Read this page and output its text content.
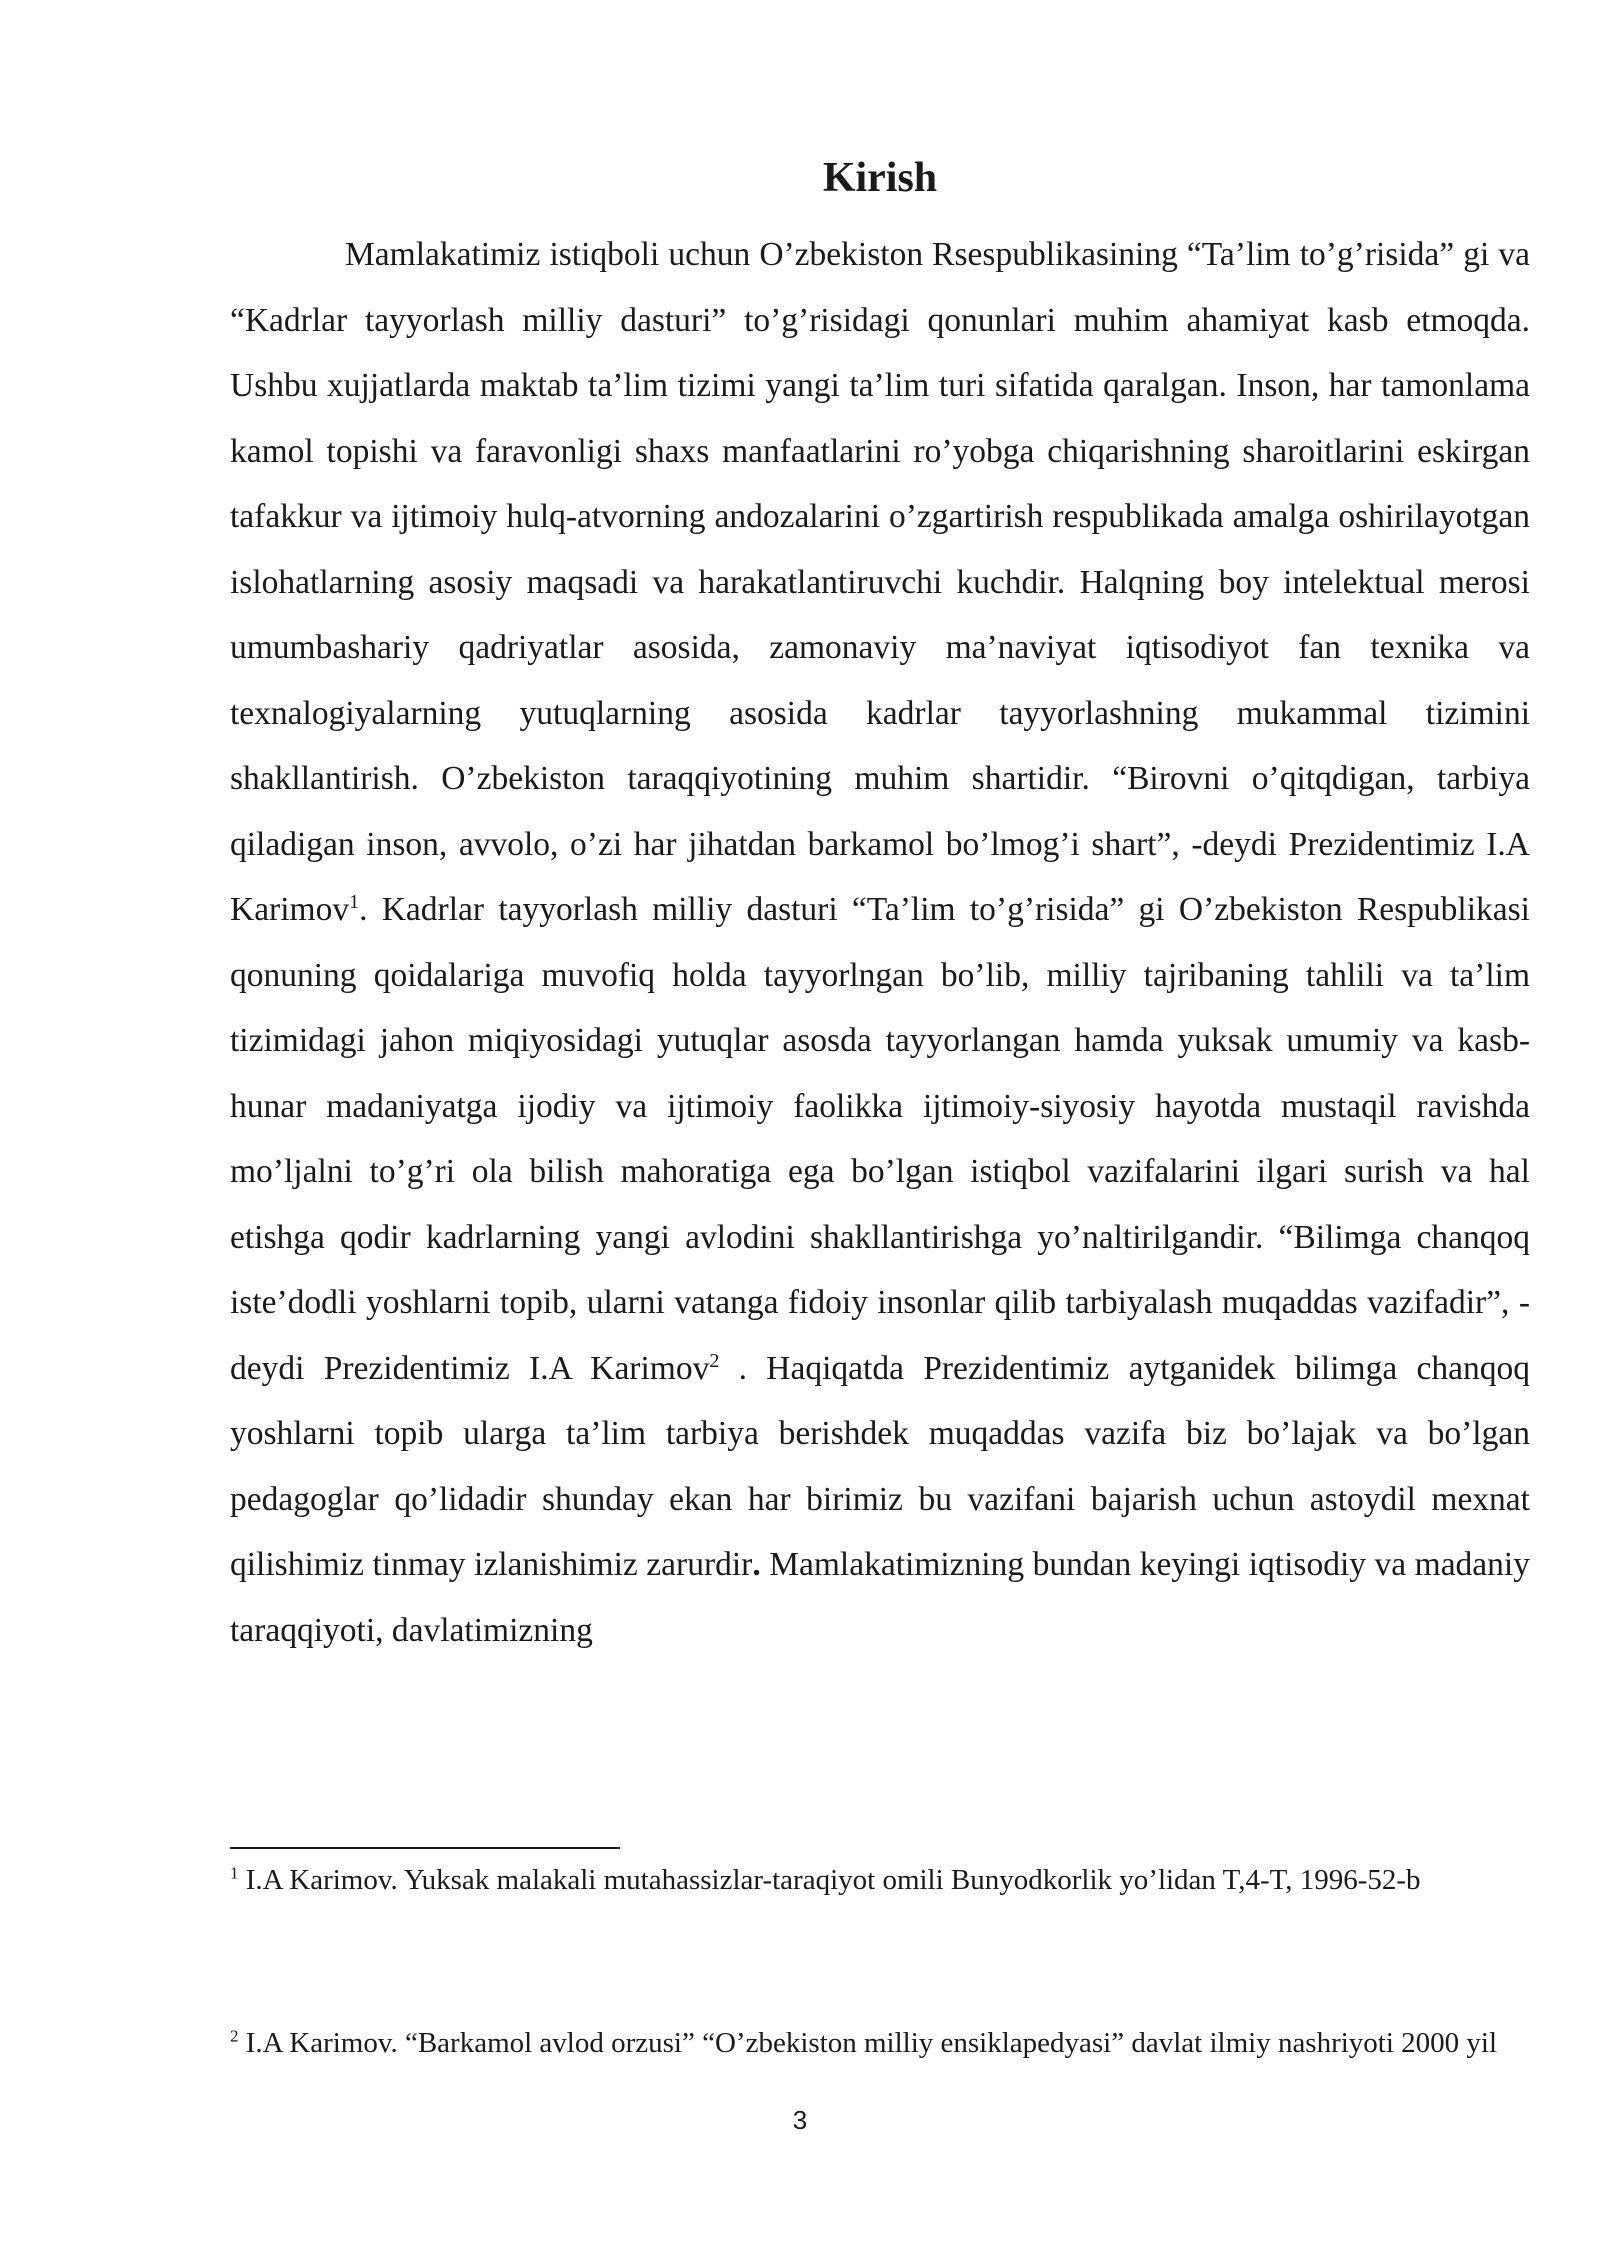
Kirish

Mamlakatimiz istiqboli uchun O’zbekiston Rsespublikasining “Ta’lim to’g’risida” gi va “Kadrlar tayyorlash milliy dasturi” to’g’risidagi qonunlari muhim ahamiyat kasb etmoqda. Ushbu xujjatlarda maktab ta’lim tizimi yangi ta’lim turi sifatida qaralgan. Inson, har tamonlama kamol topishi va faravonligi shaxs manfaatlarini ro’yobga chiqarishning sharoitlarini eskirgan tafakkur va ijtimoiy hulq-atvorning andozalarini o’zgartirish respublikada amalga oshirilayotgan islohatlarning asosiy maqsadi va harakatlantiruvchi kuchdir. Halqning boy intelektual merosi umumbashariy qadriyatlar asosida, zamonaviy ma’naviyat iqtisodiyot fan texnika va texnalogiyalarning yutuqlarning asosida kadrlar tayyorlashning mukammal tizimini shakllantirish. O’zbekiston taraqqiyotining muhim shartidir. “Birovni o’qitqdigan, tarbiya qiladigan inson, avvolo, o’zi har jihatdan barkamol bo’lmog’i shart”, -deydi Prezidentimiz I.A Karimov$^1$. Kadrlar tayyorlash milliy dasturi “Ta’lim to’g’risida” gi O’zbekiston Respublikasi qonuning qoidalariga muvofiq holda tayyorlngan bo’lib, milliy tajribaning tahlili va ta’lim tizimidagi jahon miqiyosidagi yutuqlar asosda tayyorlangan hamda yuksak umumiy va kasb-hunar madaniyatga ijodiy va ijtimoiy faolikka ijtimoiy-siyosiy hayotda mustaqil ravishda mo’ljalni to’g’ri ola bilish mahoratiga ega bo’lgan istiqbol vazifalarini ilgari surish va hal etishga qodir kadrlarning yangi avlodini shakllantirishga yo’naltirilgandir. “Bilimga chanqoq iste’dodli yoshlarni topib, ularni vatanga fidoiy insonlar qilib tarbiyalash muqaddas vazifadir”, -deydi Prezidentimiz I.A Karimov$^2$ . Haqiqatda Prezidentimiz aytganidek bilimga chanqoq yoshlarni topib ularga ta’lim tarbiya berishdek muqaddas vazifa biz bo’lajak va bo’lgan pedagoglar qo’lidadir shunday ekan har birimiz bu vazifani bajarish uchun astoydil mexnat qilishimiz tinmay izlanishimiz zarurdir. Mamlakatimizning bundan keyingi iqtisodiy va madaniy taraqqiyoti, davlatimizning

$^1$ I.A Karimov. Yuksak malakali mutahassizlar-taraqiyot omili Bunyodkorlik yo’lidan T,4-T, 1996-52-b

$^2$ I.A Karimov. “Barkamol avlod orzusi” “O’zbekiston milliy ensiklapedyasi” davlat ilmiy nashriyoti 2000 yil

3
